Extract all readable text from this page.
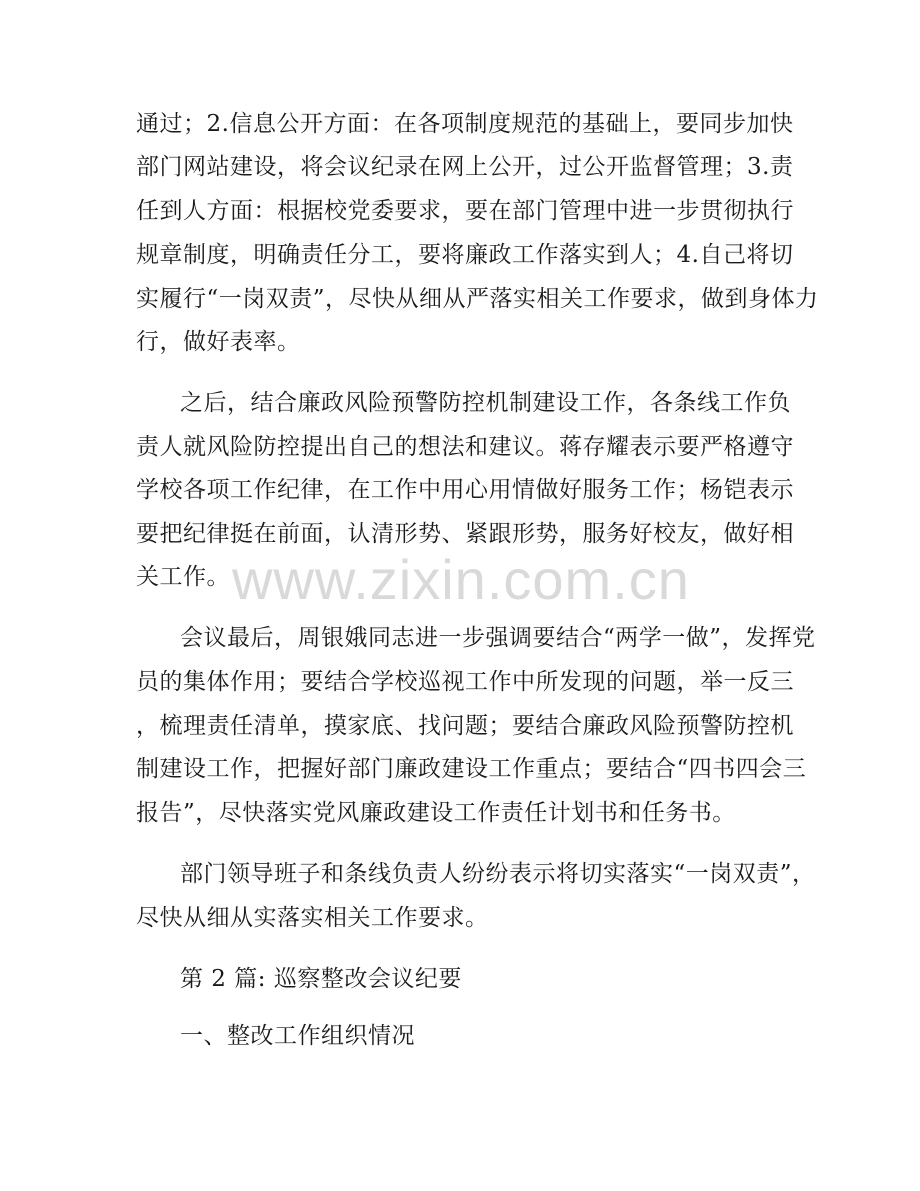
www.zixin.com.cn
通过；2.信息公开方面：在各项制度规范的基础上，要同步加快
部门网站建设，将会议纪录在网上公开，过公开监督管理；3.责
任到人方面：根据校党委要求，要在部门管理中进一步贯彻执行
规章制度，明确责任分工，要将廉政工作落实到人；4.自己将切
实履行“一岗双责”，尽快从细从严落实相关工作要求，做到身体力
行，做好表率。
之后，结合廉政风险预警防控机制建设工作，各条线工作负
责人就风险防控提出自己的想法和建议。蒋存耀表示要严格遵守
学校各项工作纪律，在工作中用心用情做好服务工作；杨铠表示
要把纪律挺在前面，认清形势、紧跟形势，服务好校友，做好相
关工作。
会议最后，周银娥同志进一步强调要结合“两学一做”，发挥党
员的集体作用；要结合学校巡视工作中所发现的问题，举一反三
，梳理责任清单，摸家底、找问题；要结合廉政风险预警防控机
制建设工作，把握好部门廉政建设工作重点；要结合“四书四会三
报告”，尽快落实党风廉政建设工作责任计划书和任务书。
部门领导班子和条线负责人纷纷表示将切实落实“一岗双责”，
尽快从细从实落实相关工作要求。
第 2 篇: 巡察整改会议纪要
一、整改工作组织情况
